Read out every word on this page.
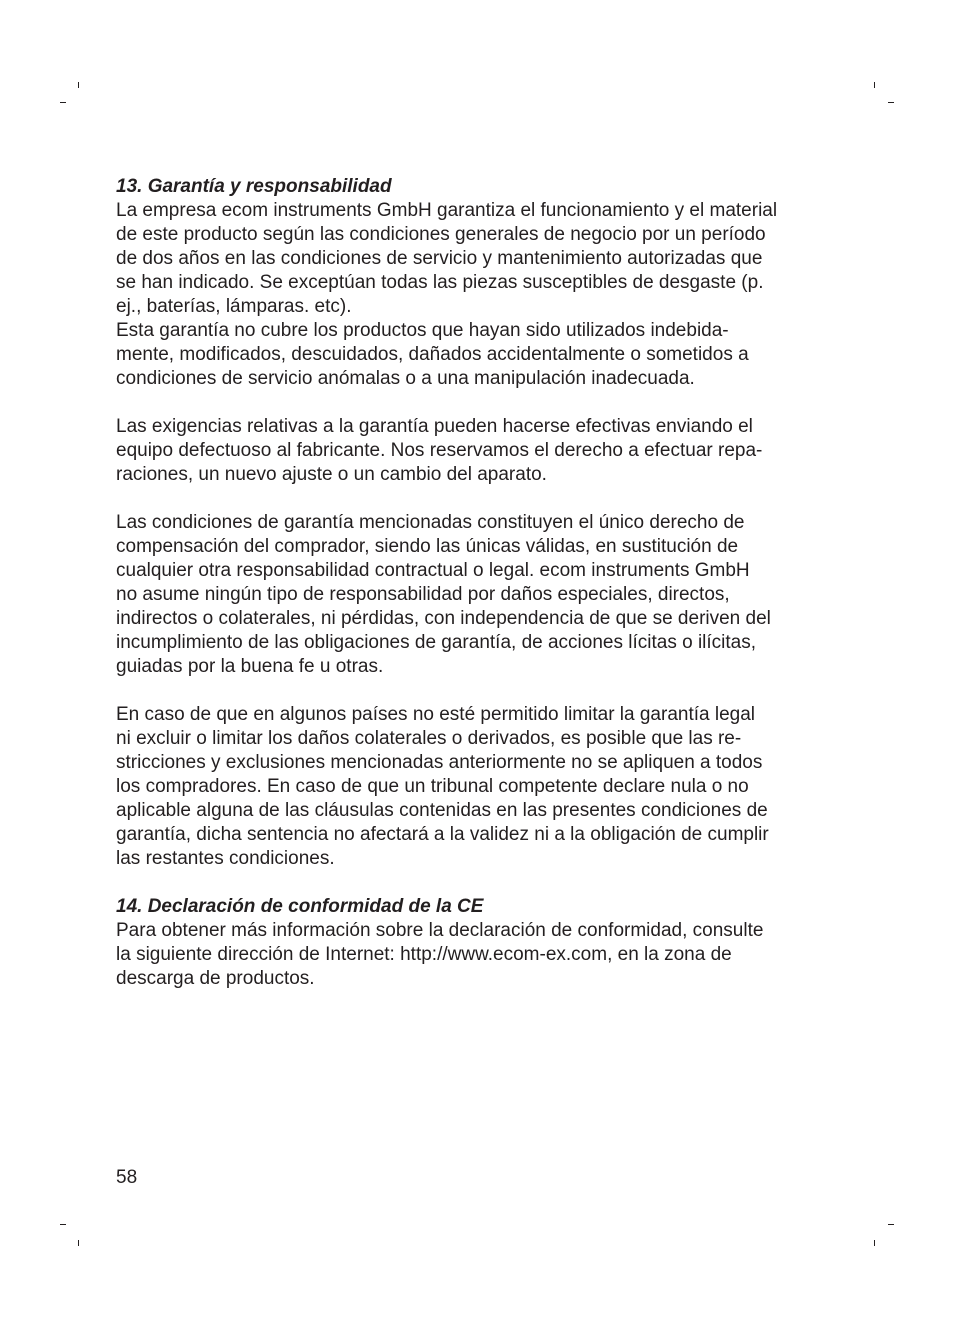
13. Garantía y responsabilidad

La empresa ecom instruments GmbH garantiza el funcionamiento y el material
de este producto según las condiciones generales de negocio por un período
de dos años en las condiciones de servicio y mantenimiento autorizadas que
se han indicado. Se exceptúan todas las piezas susceptibles de desgaste (p.
ej., baterías, lámparas. etc).
Esta garantía no cubre los productos que hayan sido utilizados indebida-
mente, modificados, descuidados, dañados accidentalmente o sometidos a
condiciones de servicio anómalas o a una manipulación inadecuada.

Las exigencias relativas a la garantía pueden hacerse efectivas enviando el
equipo defectuoso al fabricante. Nos reservamos el derecho a efectuar repa-
raciones, un nuevo ajuste o un cambio del aparato.

Las condiciones de garantía mencionadas constituyen el único derecho de
compensación del comprador, siendo las únicas válidas, en sustitución de
cualquier otra responsabilidad contractual o legal. ecom instruments GmbH
no asume ningún tipo de responsabilidad por daños especiales, directos,
indirectos o colaterales, ni pérdidas, con independencia de que se deriven del
incumplimiento de las obligaciones de garantía, de acciones lícitas o ilícitas,
guiadas por la buena fe u otras.

En caso de que en algunos países no esté permitido limitar la garantía legal
ni excluir o limitar los daños colaterales o derivados, es posible que las re-
stricciones y exclusiones mencionadas anteriormente no se apliquen a todos
los compradores. En caso de que un tribunal competente declare nula o no
aplicable alguna de las cláusulas contenidas en las presentes condiciones de
garantía, dicha sentencia no afectará a la validez ni a la obligación de cumplir
las restantes condiciones.

14. Declaración de conformidad de la CE

Para obtener más información sobre la declaración de conformidad, consulte
la siguiente dirección de Internet: http://www.ecom-ex.com, en la zona de
descarga de productos.

58
